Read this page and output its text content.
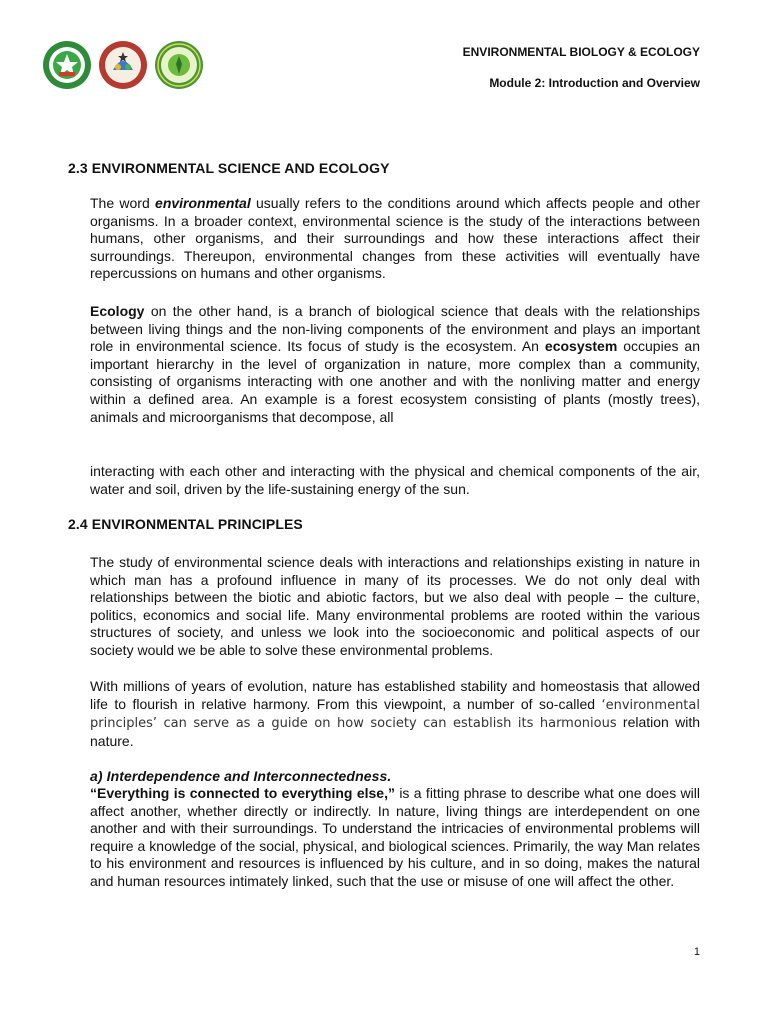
ENVIRONMENTAL BIOLOGY & ECOLOGY
Module 2: Introduction and Overview
2.3 ENVIRONMENTAL SCIENCE AND ECOLOGY

The word environmental usually refers to the conditions around which affects people and other organisms. In a broader context, environmental science is the study of the interactions between humans, other organisms, and their surroundings and how these interactions affect their surroundings. Thereupon, environmental changes from these activities will eventually have repercussions on humans and other organisms.

Ecology on the other hand, is a branch of biological science that deals with the relationships between living things and the non-living components of the environment and plays an important role in environmental science. Its focus of study is the ecosystem. An ecosystem occupies an important hierarchy in the level of organization in nature, more complex than a community, consisting of organisms interacting with one another and with the nonliving matter and energy within a defined area. An example is a forest ecosystem consisting of plants (mostly trees), animals and microorganisms that decompose, all

interacting with each other and interacting with the physical and chemical components of the air, water and soil, driven by the life-sustaining energy of the sun.

2.4 ENVIRONMENTAL PRINCIPLES

The study of environmental science deals with interactions and relationships existing in nature in which man has a profound influence in many of its processes. We do not only deal with relationships between the biotic and abiotic factors, but we also deal with people – the culture, politics, economics and social life. Many environmental problems are rooted within the various structures of society, and unless we look into the socioeconomic and political aspects of our society would we be able to solve these environmental problems.

With millions of years of evolution, nature has established stability and homeostasis that allowed life to flourish in relative harmony. From this viewpoint, a number of so-called ‘environmental principles’ can serve as a guide on how society can establish its harmonious relation with nature.

a) Interdependence and Interconnectedness.

“Everything is connected to everything else,” is a fitting phrase to describe what one does will affect another, whether directly or indirectly. In nature, living things are interdependent on one another and with their surroundings. To understand the intricacies of environmental problems will require a knowledge of the social, physical, and biological sciences. Primarily, the way Man relates to his environment and resources is influenced by his culture, and in so doing, makes the natural and human resources intimately linked, such that the use or misuse of one will affect the other.

1
